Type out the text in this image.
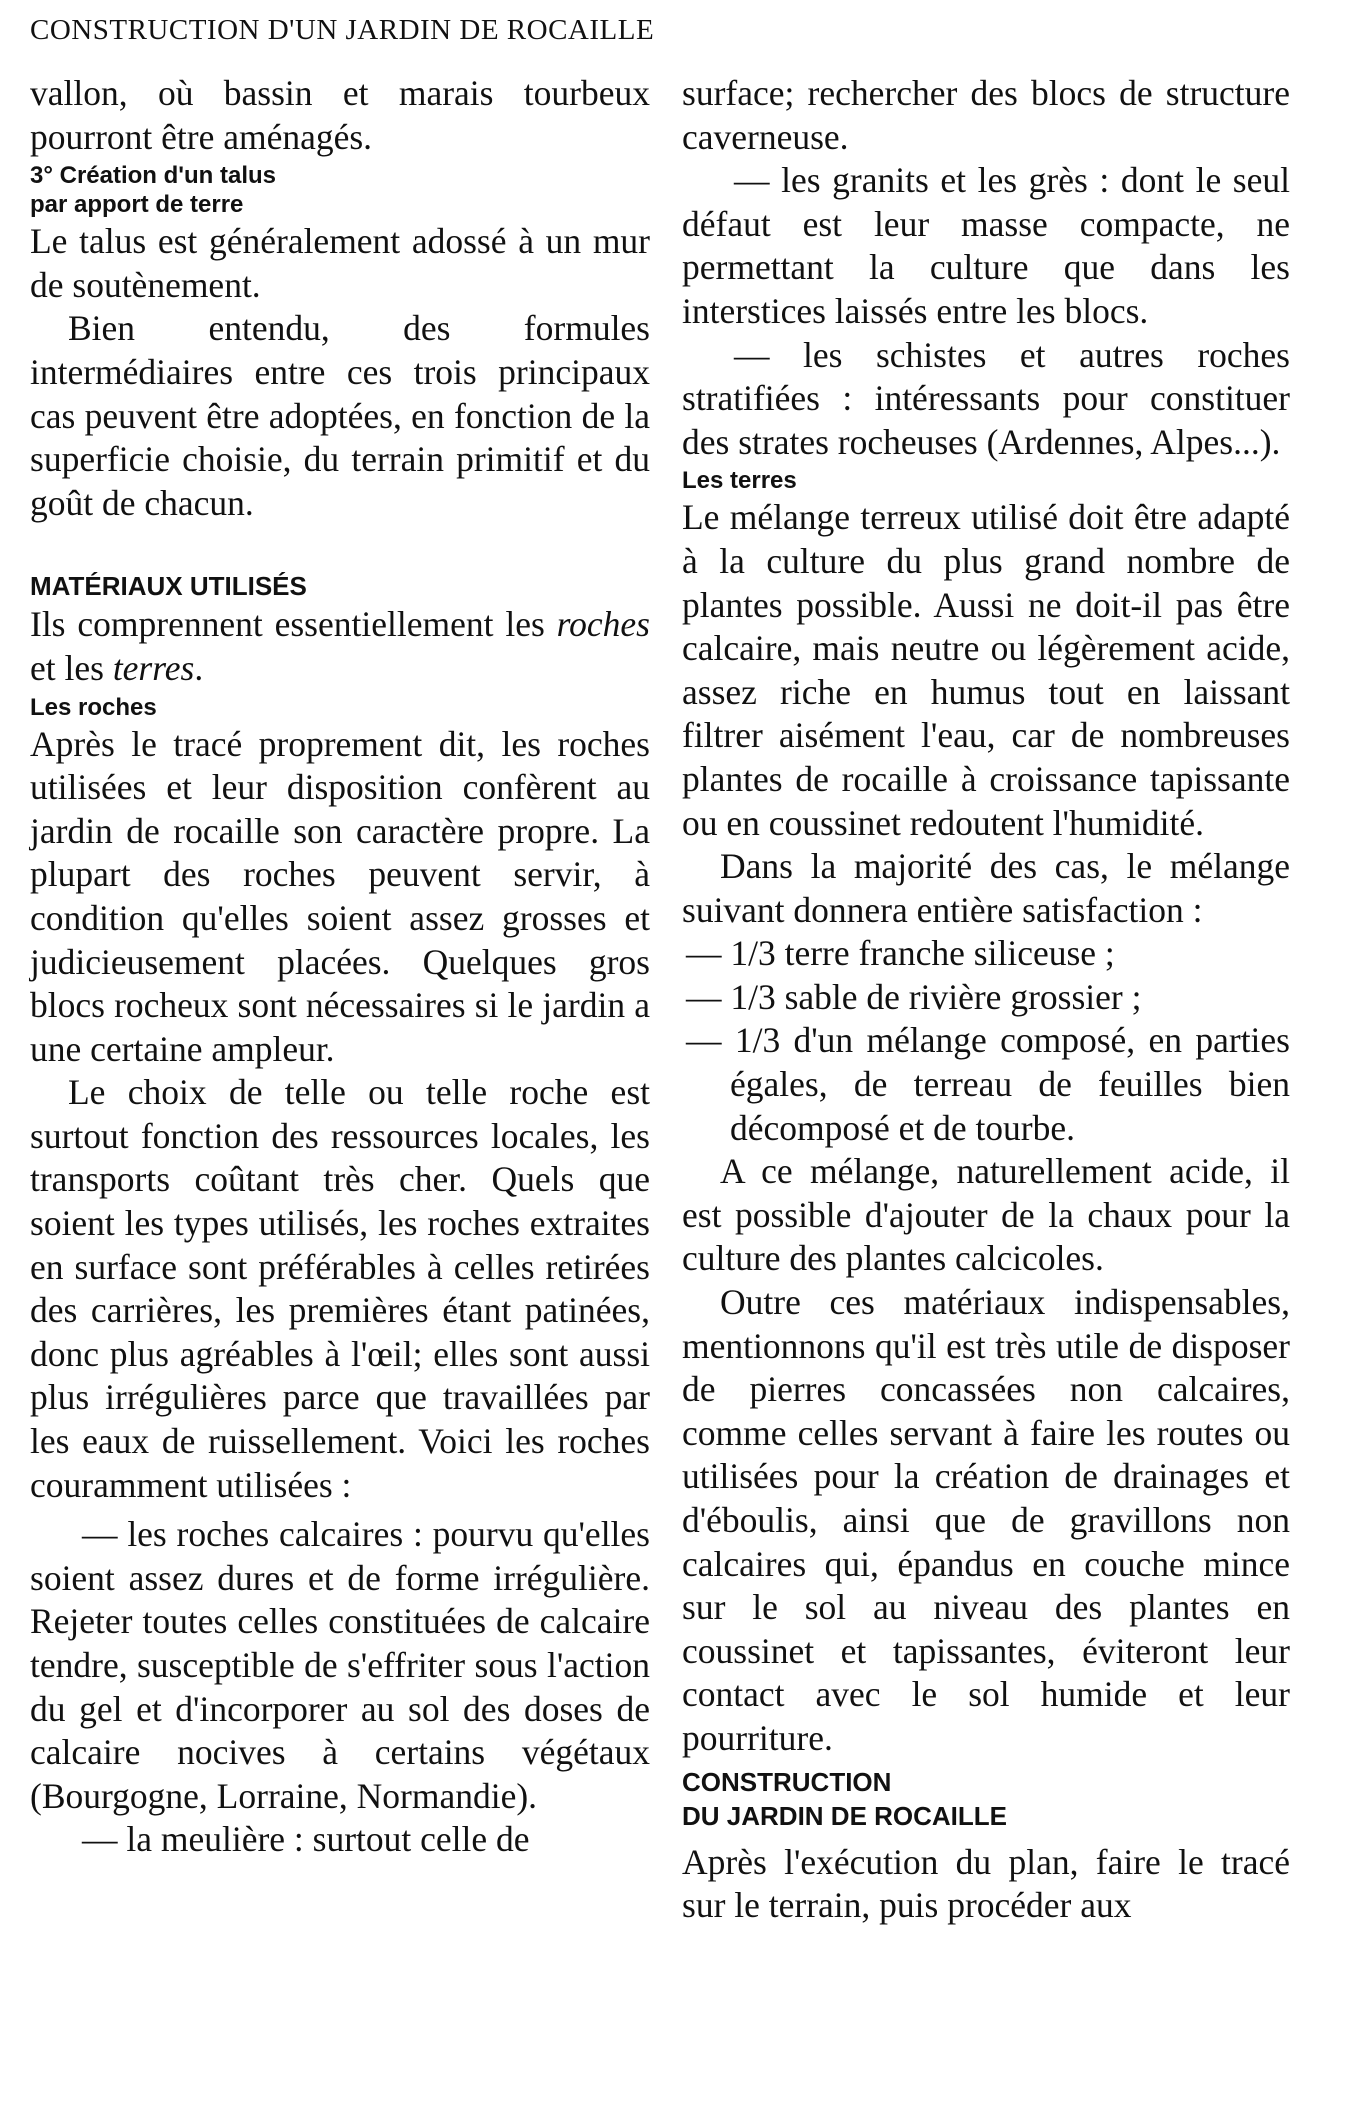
CONSTRUCTION D'UN JARDIN DE ROCAILLE

vallon, où bassin et marais tourbeux pourront être aménagés.

3° Création d'un talus
par apport de terre

Le talus est généralement adossé à un mur de soutènement.

Bien entendu, des formules intermédiaires entre ces trois principaux cas peuvent être adoptées, en fonction de la superficie choisie, du terrain primitif et du goût de chacun.

MATÉRIAUX UTILISÉS

Ils comprennent essentiellement les roches et les terres.

Les roches

Après le tracé proprement dit, les roches utilisées et leur disposition confèrent au jardin de rocaille son caractère propre. La plupart des roches peuvent servir, à condition qu'elles soient assez grosses et judicieusement placées. Quelques gros blocs rocheux sont nécessaires si le jardin a une certaine ampleur.

Le choix de telle ou telle roche est surtout fonction des ressources locales, les transports coûtant très cher. Quels que soient les types utilisés, les roches extraites en surface sont préférables à celles retirées des carrières, les premières étant patinées, donc plus agréables à l'œil; elles sont aussi plus irrégulières parce que travaillées par les eaux de ruissellement. Voici les roches couramment utilisées :

— les roches calcaires : pourvu qu'elles soient assez dures et de forme irrégulière. Rejeter toutes celles constituées de calcaire tendre, susceptible de s'effriter sous l'action du gel et d'incorporer au sol des doses de calcaire nocives à certains végétaux (Bourgogne, Lorraine, Normandie).

— la meulière : surtout celle de

surface; rechercher des blocs de structure caverneuse.

— les granits et les grès : dont le seul défaut est leur masse compacte, ne permettant la culture que dans les interstices laissés entre les blocs.

— les schistes et autres roches stratifiées : intéressants pour constituer des strates rocheuses (Ardennes, Alpes...).

Les terres

Le mélange terreux utilisé doit être adapté à la culture du plus grand nombre de plantes possible. Aussi ne doit-il pas être calcaire, mais neutre ou légèrement acide, assez riche en humus tout en laissant filtrer aisément l'eau, car de nombreuses plantes de rocaille à croissance tapissante ou en coussinet redoutent l'humidité.

Dans la majorité des cas, le mélange suivant donnera entière satisfaction :

— 1/3 terre franche siliceuse ;

— 1/3 sable de rivière grossier ;

— 1/3 d'un mélange composé, en parties égales, de terreau de feuilles bien décomposé et de tourbe.

A ce mélange, naturellement acide, il est possible d'ajouter de la chaux pour la culture des plantes calcicoles.

Outre ces matériaux indispensables, mentionnons qu'il est très utile de disposer de pierres concassées non calcaires, comme celles servant à faire les routes ou utilisées pour la création de drainages et d'éboulis, ainsi que de gravillons non calcaires qui, épandus en couche mince sur le sol au niveau des plantes en coussinet et tapissantes, éviteront leur contact avec le sol humide et leur pourriture.

CONSTRUCTION
DU JARDIN DE ROCAILLE

Après l'exécution du plan, faire le tracé sur le terrain, puis procéder aux
